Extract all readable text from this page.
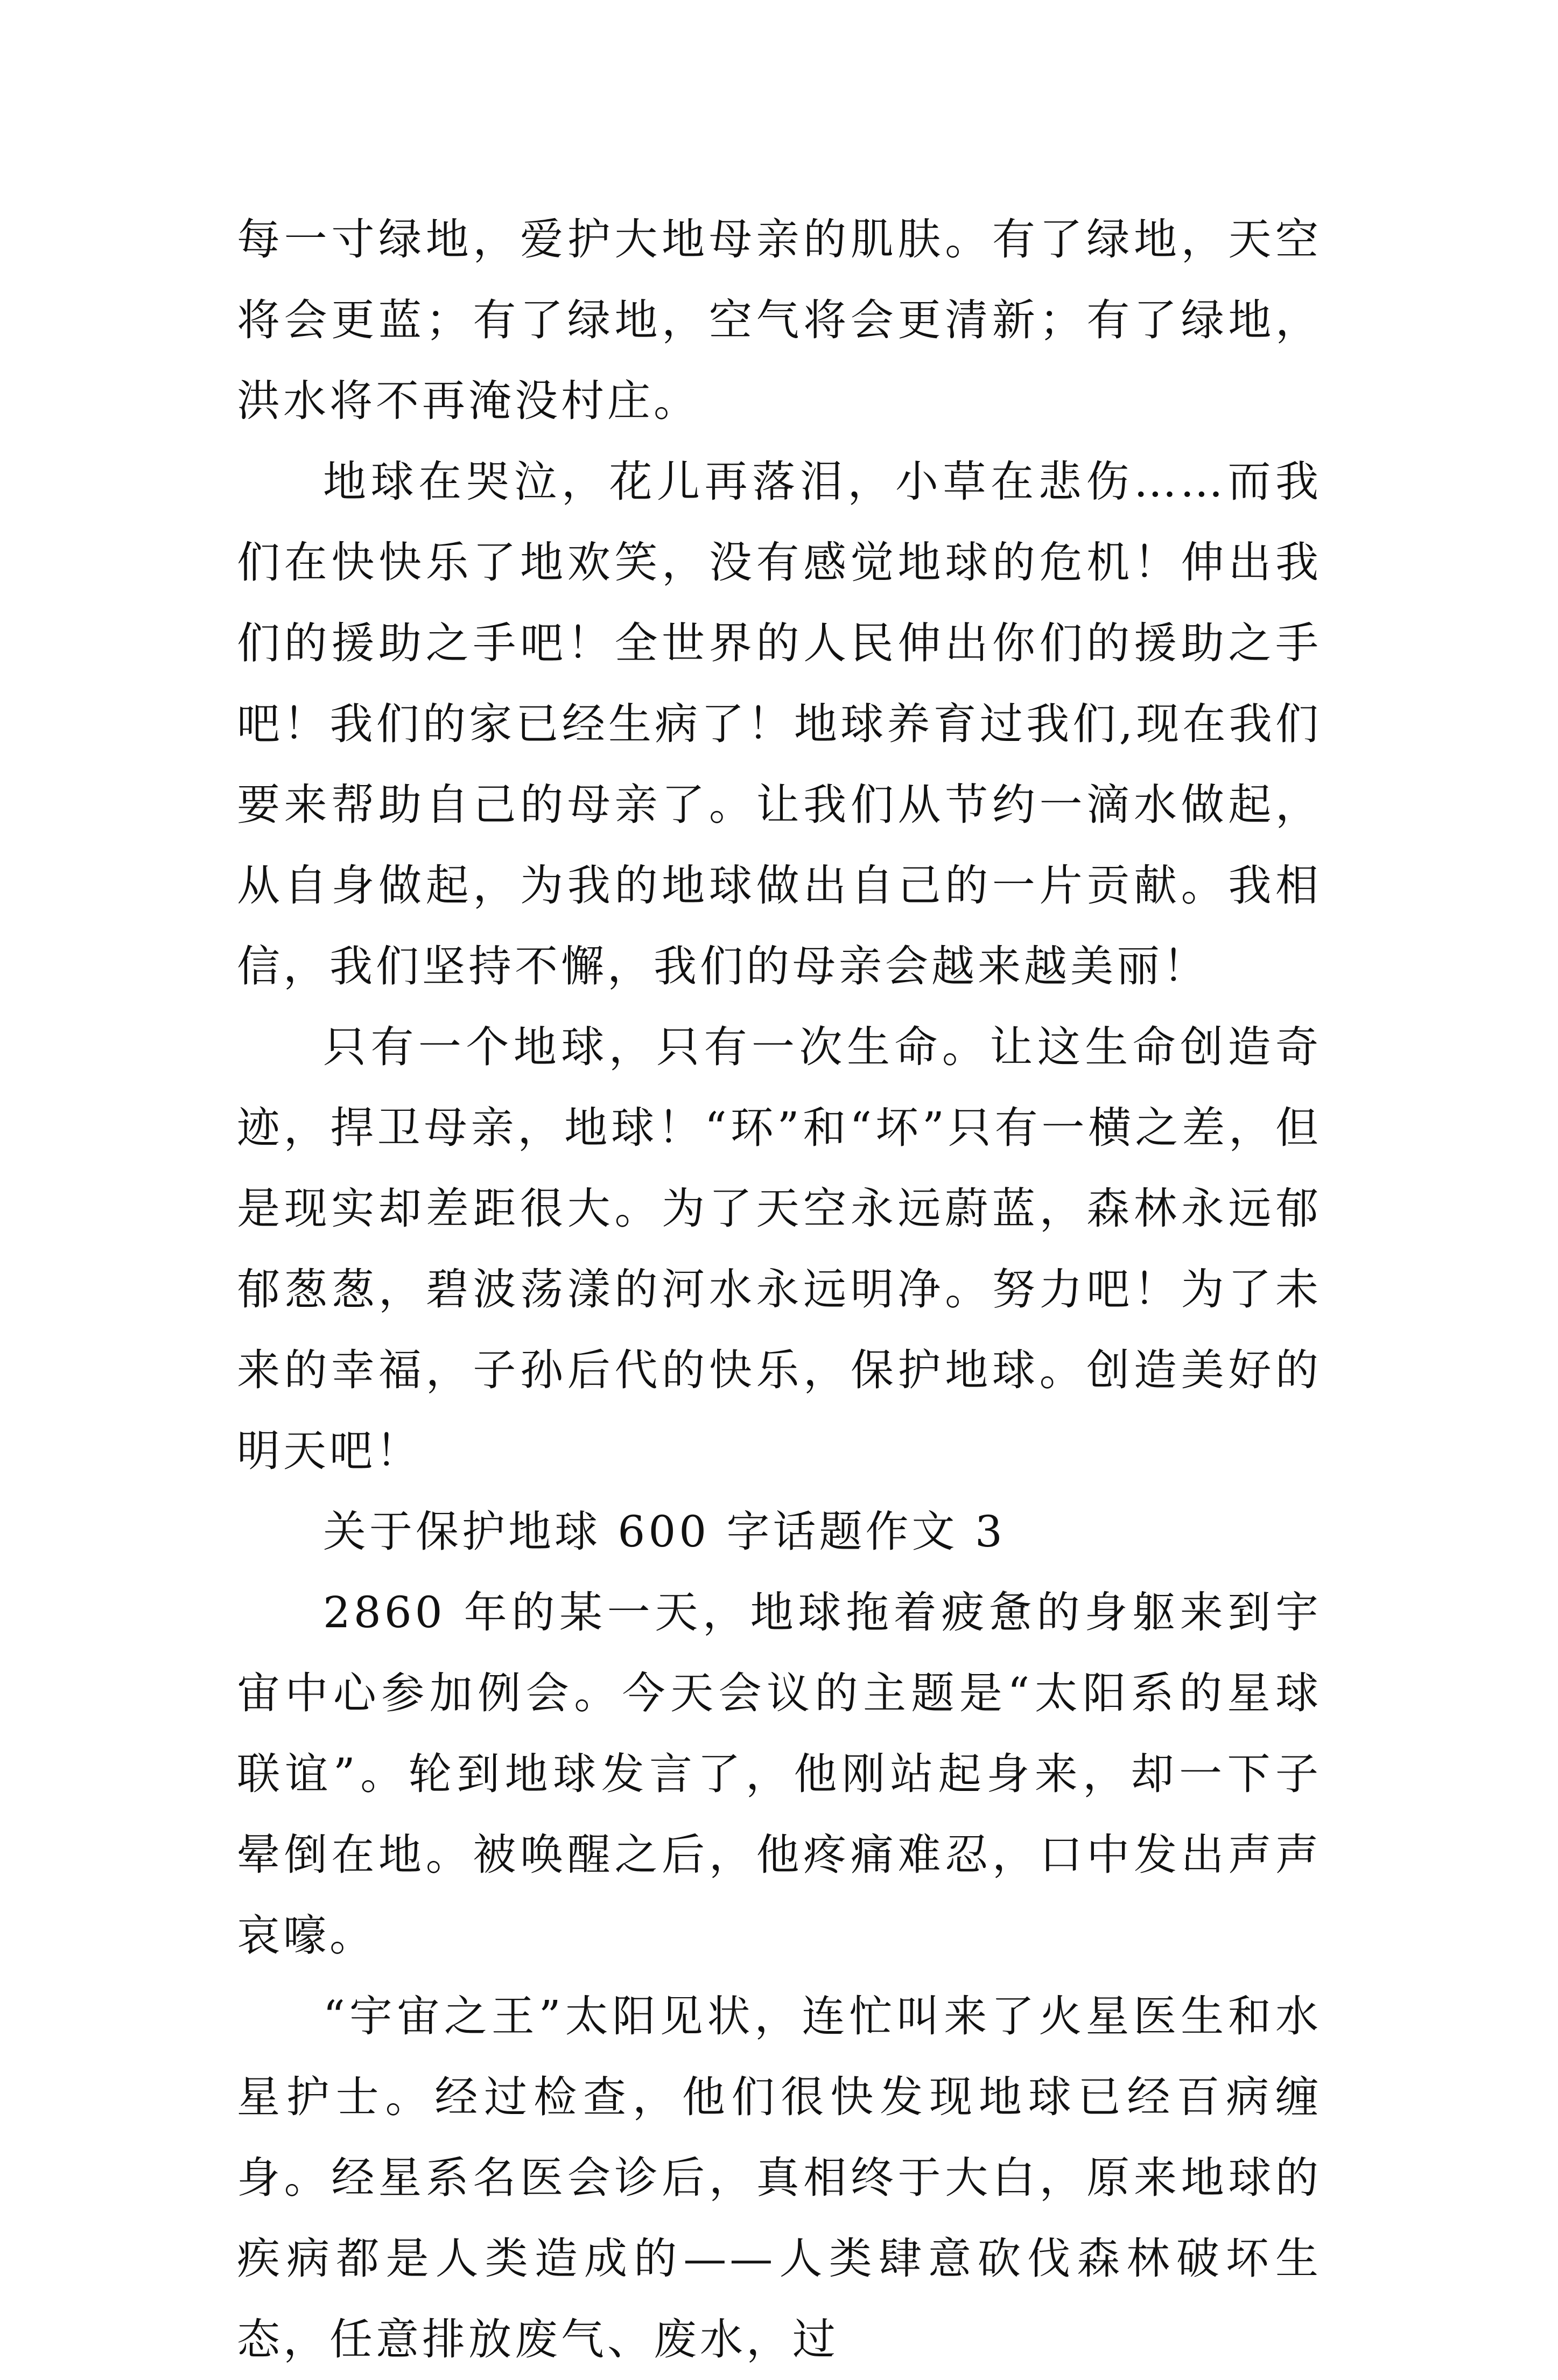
每一寸绿地，爱护大地母亲的肌肤。有了绿地，天空将会更蓝；有了绿地，空气将会更清新；有了绿地，洪水将不再淹没村庄。

地球在哭泣，花儿再落泪，小草在悲伤……而我们在快快乐了地欢笑，没有感觉地球的危机！伸出我们的援助之手吧！全世界的人民伸出你们的援助之手吧！我们的家已经生病了！地球养育过我们,现在我们要来帮助自己的母亲了。让我们从节约一滴水做起，从自身做起，为我的地球做出自己的一片贡献。我相信，我们坚持不懈，我们的母亲会越来越美丽！

只有一个地球，只有一次生命。让这生命创造奇迹，捍卫母亲，地球！“环”和“坏”只有一横之差，但是现实却差距很大。为了天空永远蔚蓝，森林永远郁郁葱葱，碧波荡漾的河水永远明净。努力吧！为了未来的幸福，子孙后代的快乐，保护地球。创造美好的明天吧！

关于保护地球 600 字话题作文 3

2860 年的某一天，地球拖着疲惫的身躯来到宇宙中心参加例会。今天会议的主题是“太阳系的星球联谊”。轮到地球发言了，他刚站起身来，却一下子晕倒在地。被唤醒之后，他疼痛难忍，口中发出声声哀嚎。

“宇宙之王”太阳见状，连忙叫来了火星医生和水星护士。经过检查，他们很快发现地球已经百病缠身。经星系名医会诊后，真相终于大白，原来地球的疾病都是人类造成的——人类肆意砍伐森林破坏生态，任意排放废气、废水，过
